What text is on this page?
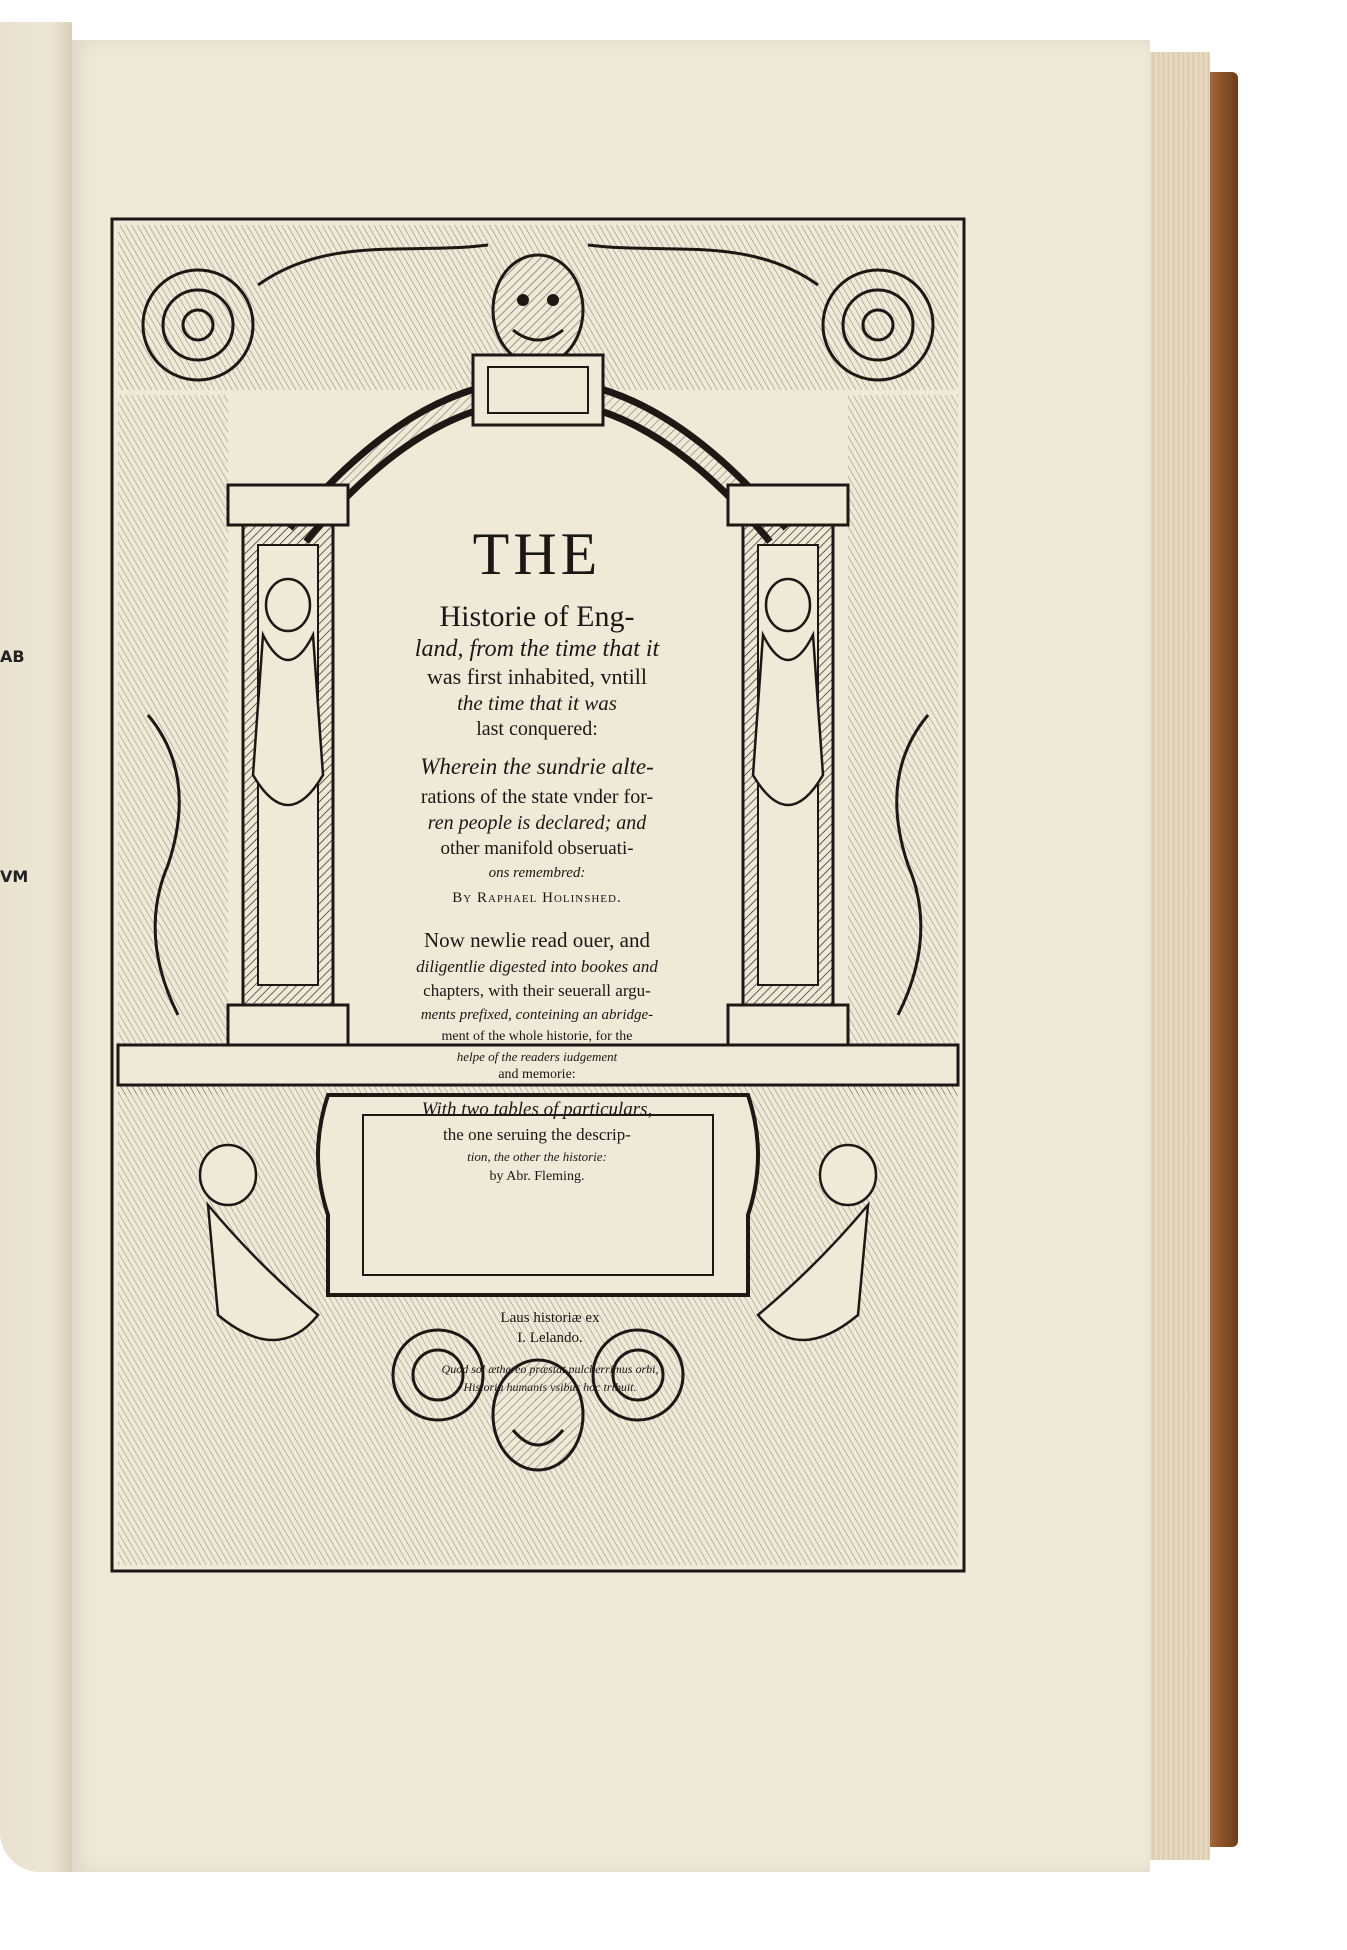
AB
VM
THE
Historie of Eng-
land, from the time that it
was first inhabited, vntill
the time that it was
last conquered:
Wherein the sundrie alte-
rations of the state vnder for-
ren people is declared; and
other manifold obseruati-
ons remembred:
By Raphael Holinshed.
Now newlie read ouer, and
diligentlie digested into bookes and
chapters, with their seuerall argu-
ments prefixed, conteining an abridge-
ment of the whole historie, for the
helpe of the readers iudgement
and memorie:
With two tables of particulars,
the one seruing the descrip-
tion, the other the historie:
by Abr. Fleming.
Laus historiæ ex
I. Lelando.
Quod sol æthereo præstat pulcherrimus orbi,
Historia humanis vsibus hoc tribuit.
